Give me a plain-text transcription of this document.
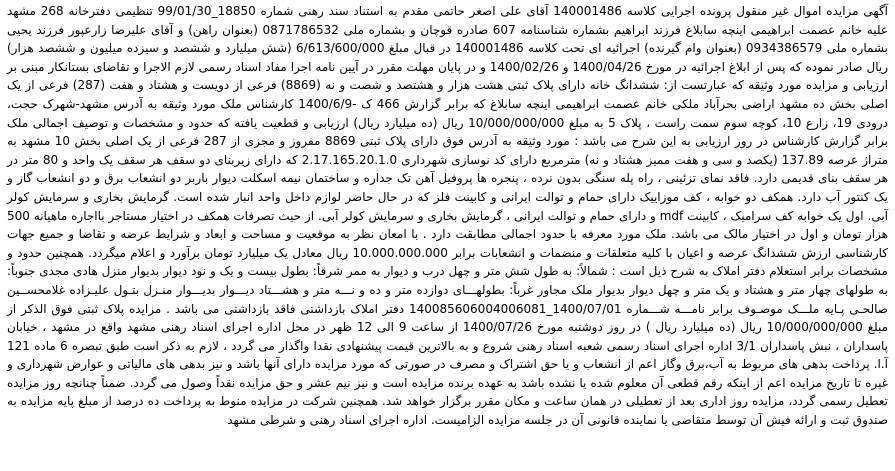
آگهی مزایده اموال غیر منقول پرونده اجرایی کلاسه 140001486 آقای علی اصغر حاتمی مقدم به استناد سند رهنی شماره 18850_99/01/30 تنظیمی دفترخانه 268 مشهد علیه خانم عصمت ابراهیمی اینچه سابلاغ فرزند ابراهیم بشماره شناسنامه 607 صادره قوچان و بشماره ملی 0871786532 (بعنوان راهن) و آقای علیرضا زارعپور فرزند یحیی بشماره ملی 0934386579 (بعنوان وام گیرنده) اجرائیه ای تحت کلاسه 140001486 در قبال مبلغ 6/613/600/000 (شش میلیارد و ششصد و سیزده میلیون و ششصد هزار) ریال صادر نموده که پس از ابلاغ اجرائیه در مورخ 1400/04/26 و 1400/02/26 و در پایان مهلت مقرر در آیین نامه اجرا مفاد اسناد رسمی لازم الاجرا و تقاضای بستانکار مبنی بر ارزیابی و مزایده مورد وثیقه که عبارتست از: ششدانگ خانه دارای پلاک ثبتی هشت هزار و هشتصد و شصت و نه (8869) فرعی از دویست و هشتاد و هفت (287) فرعی از یک اصلی بخش ده مشهد اراضی بحرآباد ملکی خانم عصمت ابراهیمی اینچه سابلاغ که برابر گزارش 466 ک -1400/6/9 کارشناس ملک مورد وثیقه به آدرس مشهد-شهرک حجت، درودی 19، زارع 10، کوچه سوم سمت راست ، پلاک 5 به مبلغ 10/000/000/000 ریال (ده میلیارد ریال) ارزیابی و قطعیت یافته که حدود و مشخصات و توصیف اجمالی ملک برابر گزارش کارشناس در روز ارزیابی به این شرح می باشد : مورد وثیقه به آدرس فوق دارای پلاک ثبتی 8869 مفروز و مجزی از 287 فرعی از یک اصلی بخش 10 مشهد به متراژ عرصه 137.89 (یکصد و سی و هفت ممیز هشتاد و نه) مترمربع دارای کد نوسازی شهرداری 2.17.165.20.1.0 که دارای زیربنای دو سقف هر سقف یک واحد و 80 متر در هر سقف بنای قدیمی دارد. فاقد نمای تزئینی ، راه پله سنگی بدون نرده ، پنجره ها پروفیل آهن تک جداره و ساختمان نیمه اسکلت دیوار باربر دو انشعاب برق و دو انشعاب گاز و یک کنتور آب دارد. همکف دو خوابه ، کف موزاییک دارای حمام و توالت ایرانی و کابینت فلز که در حال حاضر لوازم داخل واحد انبار شده است. گرمایش بخاری و سرمایش کولر آبی. اول یک خوابه کف سرامیک ، کابینت mdf و دارای حمام و توالت ایرانی ، گرمایش بخاری و سرمایش کولر آبی. از حیث تصرفات همکف در اختیار مستاجر بااجاره ماهیانه 500 هزار تومان و اول در اختیار مالک می باشد. ملک مورد معرفه با حدود اجمالی مطابقت دارد . با امعان نظر به موقعیت و مساحت و ابعاد و شرایط عرضه و تقاضا و جمیع جهات کارشناسی ارزش ششدانگ عرصه و اعیان با کلیه متعلقات و منضمات و انشعابات برابر 10.000.000.000 ریال معادل یک میلیارد تومان برآورد و اعلام میگردد. همچنین حدود و مشخصات برابر استعلام دفتر املاک به شرح ذیل است : شمالاً: به طول شش متر و چهل درب و دیوار به ممر شرقاً: بطول بیست و یک و نود دیوار بدیوار منزل هادی مجدی جنوباً: به طولهای چهار متر و هشتاد و یک متر و چهل دیوار بدیوار ملک مجاور غرباً: بطولهـــای دوازده متر و ده و نـــه متر و هشـــتاد دیـــوار بدیـــوار منـزل بتـول علیـزاده غلامحســین صالحـی پـایه ملـــک موصـوف برابر نامـــه شـــماره 1400/07/01_140085606004006081 دفتر املاک بازداشتی فاقد بازداشتی می باشد . مزایده پلاک ثبتی فوق الذکر از مبلغ 10/000/000/000 ریال (ده میلیارد ریال ) در روز دوشنبه مورخ 1400/07/26 از ساعت 9 الی 12 ظهر در محل اداره اجرای اسناد رهنی مشهد واقع در مشهد ، خیابان پاسداران ، نبش پاسداران 3/1 اداره اجرای اسناد رسمی شعبه اسناد رهنی شروع و به بالاترین قیمت پیشنهادی نقدا واگذار می گردد ، لازم به ذکر است طبق تبصره 6 ماده 121 آ.ا. پرداخت بدهی های مربوط به آب،برق وگاز اعم از انشعاب و یا حق اشتراک و مصرف در صورتی که مورد مزایده دارای آنها باشد و نیز بدهی های مالیاتی و عوارض شهرداری و غیره تا تاریخ مزایده اعم از اینکه رقم قطعی آن معلوم شده یا نشده باشد به عهده برنده مزایده است و نیز نیم عشر و حق مزایده نقداً وصول می گردد. ضمناً چنانچه روز مزایده تعطیل رسمی گردد، مزایده روز اداری بعد از تعطیلی در همان ساعت و مکان مقرر برگزار خواهد شد. همچنین شرکت در مزایده منوط به پرداخت ده درصد از مبلغ پایه مزایده به صندوق ثبت و ارائه فیش آن توسط متقاضی یا نماینده قانونی آن در جلسه مزایده الزامیست. اداره اجرای اسناد رهنی و شرطی مشهد
